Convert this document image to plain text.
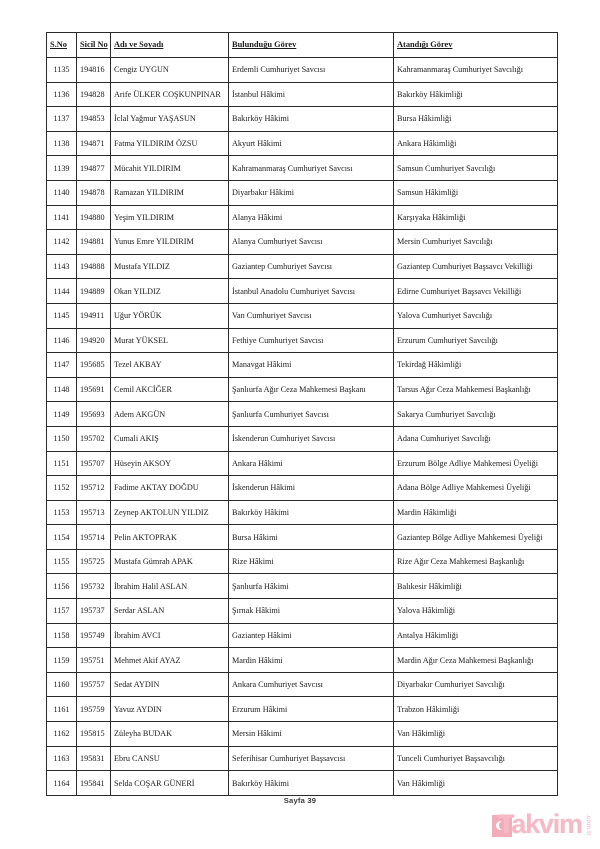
S.No	Sicil No	Adı ve Soyadı	Bulunduğu Görev	Atandığı Görev
1135	194816	Cengiz UYGUN	Erdemli Cumhuriyet Savcısı	Kahramanmaraş Cumhuriyet Savcılığı
1136	194828	Arife ÜLKER COŞKUNPINAR	İstanbul Hâkimi	Bakırköy Hâkimliği
1137	194853	İclal Yağmur YAŞASUN	Bakırköy Hâkimi	Bursa Hâkimliği
1138	194871	Fatma YILDIRIM ÖZSU	Akyurt Hâkimi	Ankara Hâkimliği
1139	194877	Mücahit YILDIRIM	Kahramanmaraş Cumhuriyet Savcısı	Samsun Cumhuriyet Savcılığı
1140	194878	Ramazan YILDIRIM	Diyarbakır Hâkimi	Samsun Hâkimliği
1141	194880	Yeşim YILDIRIM	Alanya Hâkimi	Karşıyaka Hâkimliği
1142	194881	Yunus Emre YILDIRIM	Alanya Cumhuriyet Savcısı	Mersin Cumhuriyet Savcılığı
1143	194888	Mustafa YILDIZ	Gaziantep Cumhuriyet Savcısı	Gaziantep Cumhuriyet Başsavcı Vekilliği
1144	194889	Okan YILDIZ	İstanbul Anadolu Cumhuriyet Savcısı	Edirne Cumhuriyet Başsavcı Vekilliği
1145	194911	Uğur YÖRÜK	Van Cumhuriyet Savcısı	Yalova Cumhuriyet Savcılığı
1146	194920	Murat YÜKSEL	Fethiye Cumhuriyet Savcısı	Erzurum Cumhuriyet Savcılığı
1147	195685	Tezel AKBAY	Manavgat Hâkimi	Tekirdağ Hâkimliği
1148	195691	Cemil AKCİĞER	Şanlıurfa Ağır Ceza Mahkemesi Başkanı	Tarsus Ağır Ceza Mahkemesi Başkanlığı
1149	195693	Adem AKGÜN	Şanlıurfa Cumhuriyet Savcısı	Sakarya Cumhuriyet Savcılığı
1150	195702	Cumali AKIŞ	İskenderun Cumhuriyet Savcısı	Adana Cumhuriyet Savcılığı
1151	195707	Hüseyin AKSOY	Ankara Hâkimi	Erzurum Bölge Adliye Mahkemesi Üyeliği
1152	195712	Fadime AKTAY DOĞDU	İskenderun Hâkimi	Adana Bölge Adliye Mahkemesi Üyeliği
1153	195713	Zeynep AKTOLUN YILDIZ	Bakırköy Hâkimi	Mardin Hâkimliği
1154	195714	Pelin AKTOPRAK	Bursa Hâkimi	Gaziantep Bölge Adliye Mahkemesi Üyeliği
1155	195725	Mustafa Gümrah APAK	Rize Hâkimi	Rize Ağır Ceza Mahkemesi Başkanlığı
1156	195732	İbrahim Halil ASLAN	Şanlıurfa Hâkimi	Balıkesir Hâkimliği
1157	195737	Serdar ASLAN	Şırnak Hâkimi	Yalova Hâkimliği
1158	195749	İbrahim AVCI	Gaziantep Hâkimi	Antalya Hâkimliği
1159	195751	Mehmet Akif AYAZ	Mardin Hâkimi	Mardin Ağır Ceza Mahkemesi Başkanlığı
1160	195757	Sedat AYDIN	Ankara Cumhuriyet Savcısı	Diyarbakır Cumhuriyet Savcılığı
1161	195759	Yavuz AYDIN	Erzurum Hâkimi	Trabzon Hâkimliği
1162	195815	Züleyha BUDAK	Mersin Hâkimi	Van Hâkimliği
1163	195831	Ebru CANSU	Seferihisar Cumhuriyet Başsavcısı	Tunceli Cumhuriyet Başsavcılığı
1164	195841	Selda COŞAR GÜNERİ	Bakırköy Hâkimi	Van Hâkimliği
Sayfa 39
Takvim .com.tr
